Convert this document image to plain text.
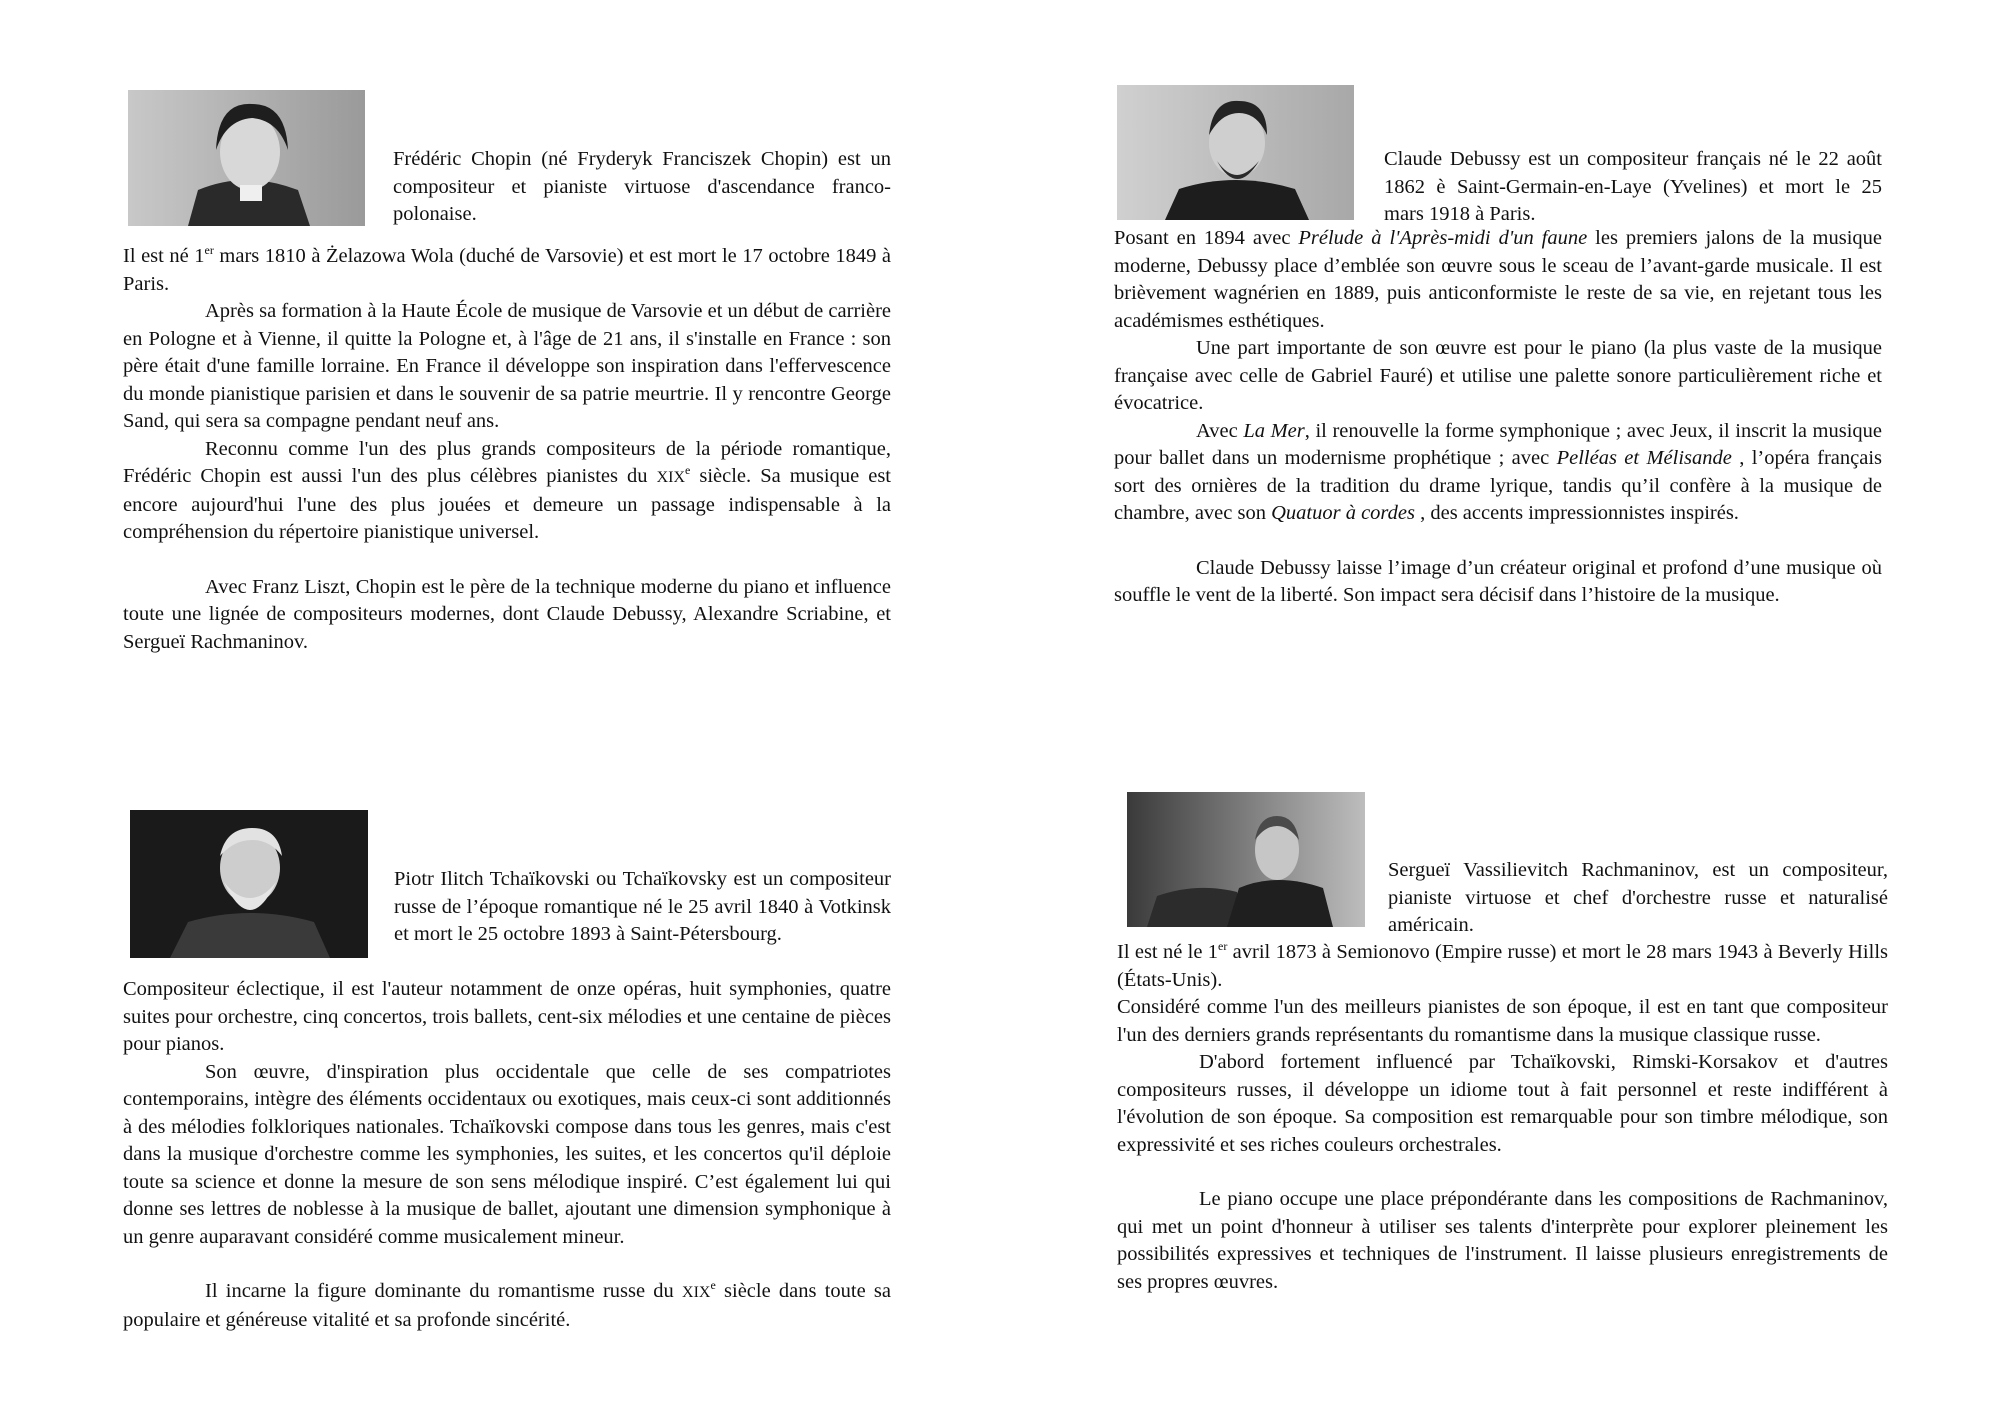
Frédéric Chopin (né Fryderyk Franciszek Chopin) est un compositeur et pianiste virtuose d'ascendance franco-polonaise.

Il est né 1er mars 1810 à Żelazowa Wola (duché de Varsovie) et est mort le 17 octobre 1849 à Paris.

Après sa formation à la Haute École de musique de Varsovie et un début de carrière en Pologne et à Vienne, il quitte la Pologne et, à l'âge de 21 ans, il s'installe en France : son père était d'une famille lorraine. En France il développe son inspiration dans l'effervescence du monde pianistique parisien et dans le souvenir de sa patrie meurtrie. Il y rencontre George Sand, qui sera sa compagne pendant neuf ans.

Reconnu comme l'un des plus grands compositeurs de la période romantique, Frédéric Chopin est aussi l'un des plus célèbres pianistes du XIXe siècle. Sa musique est encore aujourd'hui l'une des plus jouées et demeure un passage indispensable à la compréhension du répertoire pianistique universel.

Avec Franz Liszt, Chopin est le père de la technique moderne du piano et influence toute une lignée de compositeurs modernes, dont Claude Debussy, Alexandre Scriabine, et Sergueï Rachmaninov.

Claude Debussy est un compositeur français né le 22 août 1862 è Saint-Germain-en-Laye (Yvelines) et mort le 25 mars 1918 à Paris.

Posant en 1894 avec Prélude à l'Après-midi d'un faune les premiers jalons de la musique moderne, Debussy place d’emblée son œuvre sous le sceau de l’avant-garde musicale. Il est brièvement wagnérien en 1889, puis anticonformiste le reste de sa vie, en rejetant tous les académismes esthétiques.

Une part importante de son œuvre est pour le piano (la plus vaste de la musique française avec celle de Gabriel Fauré) et utilise une palette sonore particulièrement riche et évocatrice.

Avec La Mer, il renouvelle la forme symphonique ; avec Jeux, il inscrit la musique pour ballet dans un modernisme prophétique ; avec Pelléas et Mélisande , l’opéra français sort des ornières de la tradition du drame lyrique, tandis qu’il confère à la musique de chambre, avec son Quatuor à cordes , des accents impressionnistes inspirés.

Claude Debussy laisse l’image d’un créateur original et profond d’une musique où souffle le vent de la liberté. Son impact sera décisif dans l’histoire de la musique.

Piotr Ilitch Tchaïkovski ou Tchaïkovsky est un compositeur russe de l’époque romantique né le 25 avril 1840 à Votkinsk et mort le 25 octobre 1893 à Saint-Pétersbourg.

Compositeur éclectique, il est l'auteur notamment de onze opéras, huit symphonies, quatre suites pour orchestre, cinq concertos, trois ballets, cent-six mélodies et une centaine de pièces pour pianos.

Son œuvre, d'inspiration plus occidentale que celle de ses compatriotes contemporains, intègre des éléments occidentaux ou exotiques, mais ceux-ci sont additionnés à des mélodies folkloriques nationales. Tchaïkovski compose dans tous les genres, mais c'est dans la musique d'orchestre comme les symphonies, les suites, et les concertos qu'il déploie toute sa science et donne la mesure de son sens mélodique inspiré. C’est également lui qui donne ses lettres de noblesse à la musique de ballet, ajoutant une dimension symphonique à un genre auparavant considéré comme musicalement mineur.

Il incarne la figure dominante du romantisme russe du XIXe siècle dans toute sa populaire et généreuse vitalité et sa profonde sincérité.

Sergueï Vassilievitch Rachmaninov, est un compositeur, pianiste virtuose et chef d'orchestre russe et naturalisé américain.

Il est né le 1er avril 1873 à Semionovo (Empire russe) et mort le 28 mars 1943 à Beverly Hills (États-Unis).

Considéré comme l'un des meilleurs pianistes de son époque, il est en tant que compositeur l'un des derniers grands représentants du romantisme dans la musique classique russe.

D'abord fortement influencé par Tchaïkovski, Rimski-Korsakov et d'autres compositeurs russes, il développe un idiome tout à fait personnel et reste indifférent à l'évolution de son époque. Sa composition est remarquable pour son timbre mélodique, son expressivité et ses riches couleurs orchestrales.

Le piano occupe une place prépondérante dans les compositions de Rachmaninov, qui met un point d'honneur à utiliser ses talents d'interprète pour explorer pleinement les possibilités expressives et techniques de l'instrument. Il laisse plusieurs enregistrements de ses propres œuvres.
